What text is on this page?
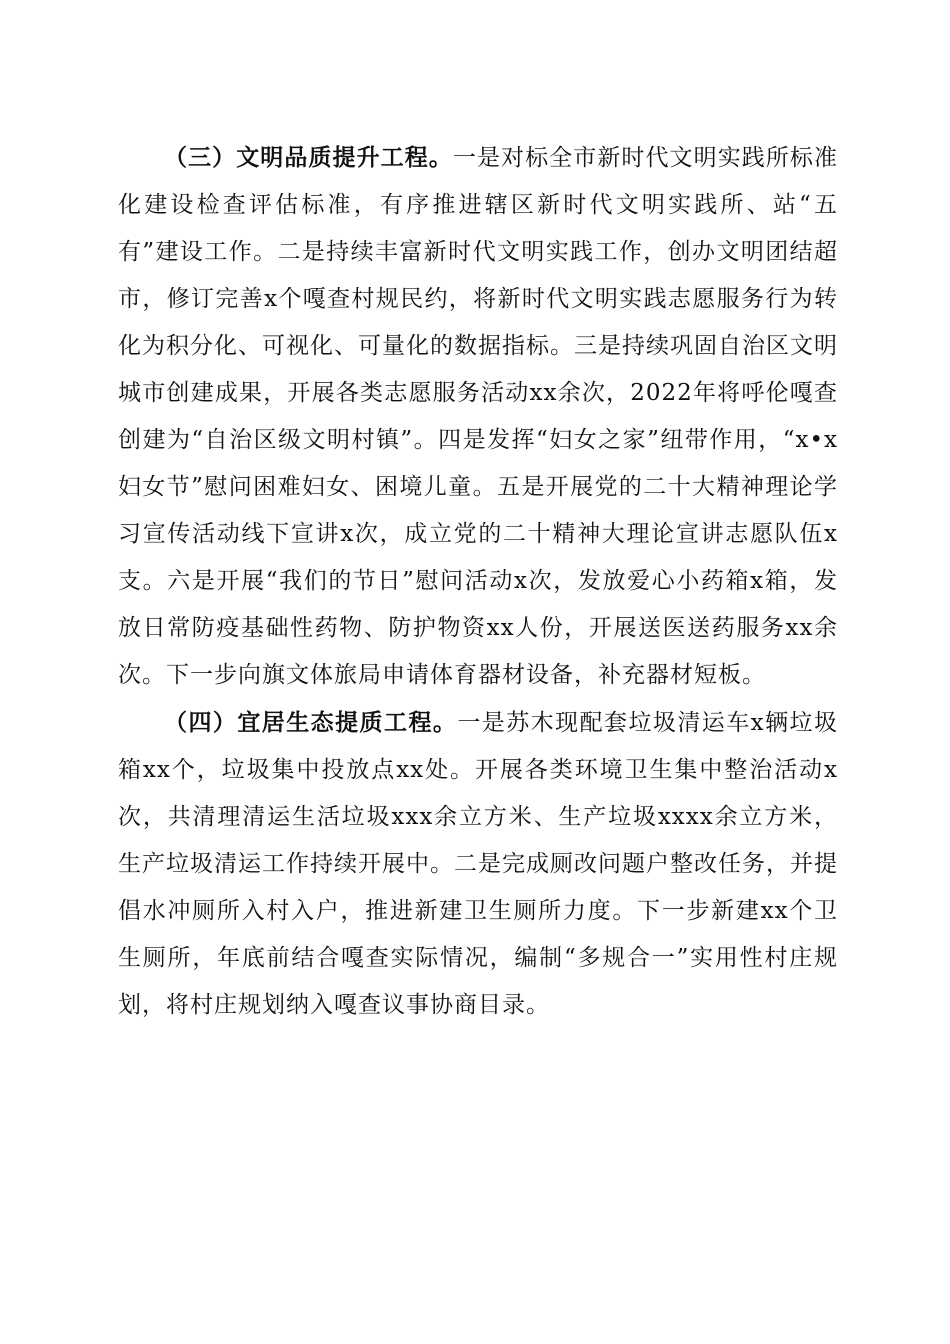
（三）文明品质提升工程。一是对标全市新时代文明实践所标准化建设检查评估标准，有序推进辖区新时代文明实践所、站“五有”建设工作。二是持续丰富新时代文明实践工作，创办文明团结超市，修订完善x个嘎查村规民约，将新时代文明实践志愿服务行为转化为积分化、可视化、可量化的数据指标。三是持续巩固自治区文明城市创建成果，开展各类志愿服务活动xx余次，2022年将呼伦嘎查创建为“自治区级文明村镇”。四是发挥“妇女之家”纽带作用，“x•x妇女节”慰问困难妇女、困境儿童。五是开展党的二十大精神理论学习宣传活动线下宣讲x次，成立党的二十精神大理论宣讲志愿队伍x支。六是开展“我们的节日”慰问活动x次，发放爱心小药箱x箱，发放日常防疫基础性药物、防护物资xx人份，开展送医送药服务xx余次。下一步向旗文体旅局申请体育器材设备，补充器材短板。

（四）宜居生态提质工程。一是苏木现配套垃圾清运车x辆垃圾箱xx个，垃圾集中投放点xx处。开展各类环境卫生集中整治活动x次，共清理清运生活垃圾xxx余立方米、生产垃圾xxxx余立方米，生产垃圾清运工作持续开展中。二是完成厕改问题户整改任务，并提倡水冲厕所入村入户，推进新建卫生厕所力度。下一步新建xx个卫生厕所，年底前结合嘎查实际情况，编制“多规合一”实用性村庄规划，将村庄规划纳入嘎查议事协商目录。
